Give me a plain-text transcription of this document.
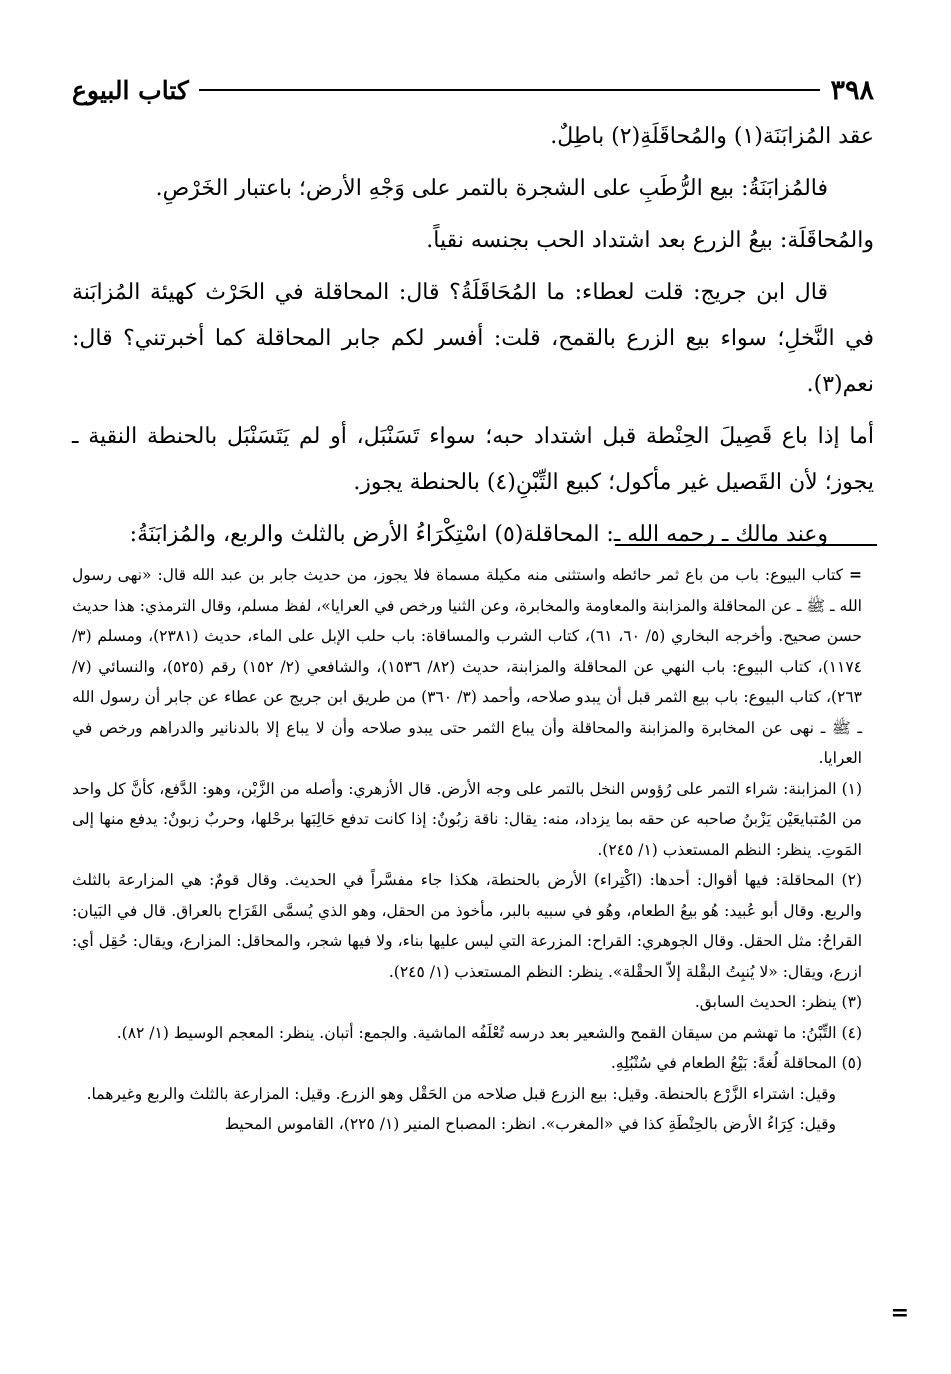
٣٩٨
كتاب البيوع

عقد المُزابَنَة(١) والمُحاقَلَةِ(٢) باطِلٌ.

فالمُزابَنَةُ: بيع الرُّطَبِ على الشجرة بالتمر على وَجْهِ الأرض؛ باعتبار الخَرْصِ.

والمُحاقَلَة: بيعُ الزرع بعد اشتداد الحب بجنسه نقياً.

قال ابن جريج: قلت لعطاء: ما المُحَاقَلَةُ؟ قال: المحاقلة في الحَرْث كهيئة المُزابَنة في النَّخلِ؛ سواء بيع الزرع بالقمح، قلت: أفسر لكم جابر المحاقلة كما أخبرتني؟ قال: نعم(٣).

أما إذا باع قَصِيلَ الحِنْطة قبل اشتداد حبه؛ سواء تَسَنْبَل، أو لم يَتَسَنْبَل بالحنطة النقية ـ يجوز؛ لأن القَصيل غير مأكول؛ كبيع التِّبْنِ(٤) بالحنطة يجوز.

وعند مالك ـ رحمه الله ـ: المحاقلة(٥) اسْتِكْرَاءُ الأرض بالثلث والربع، والمُزابَنَةُ:

= كتاب البيوع: باب من باع ثمر حائطه واستثنى منه مكيلة مسماة فلا يجوز، من حديث جابر بن عبد الله قال: «نهى رسول الله ـ ﷺ ـ عن المحاقلة والمزابنة والمعاومة والمخابرة، وعن الثنيا ورخص في العرايا»، لفظ مسلم، وقال الترمذي: هذا حديث حسن صحيح. وأخرجه البخاري (٥/ ٦٠، ٦١)، كتاب الشرب والمساقاة: باب حلب الإبل على الماء، حديث (٢٣٨١)، ومسلم (٣/ ١١٧٤)، كتاب البيوع: باب النهي عن المحاقلة والمزابنة، حديث (٨٢/ ١٥٣٦)، والشافعي (٢/ ١٥٢) رقم (٥٢٥)، والنسائي (٧/ ٢٦٣)، كتاب البيوع: باب بيع الثمر قبل أن يبدو صلاحه، وأحمد (٣/ ٣٦٠) من طريق ابن جريج عن عطاء عن جابر أن رسول الله ـ ﷺ ـ نهى عن المخابرة والمزابنة والمحاقلة وأن يباع الثمر حتى يبدو صلاحه وأن لا يباع إلا بالدنانير والدراهم ورخص في العرايا.

(١) المزابنة: شراء التمر على رُؤوس النخل بالتمر على وجه الأرض. قال الأزهري: وأصله من الزَّبْن، وهو: الدَّفع، كأنَّ كل واحد من المُتبايعَيْن يَزْبنُ صاحبه عن حقه بما يزداد، منه: يقال: ناقة زبُونٌ: إذا كانت تدفع حَالِبَها برحْلها، وحربٌ زبونٌ: يدفع منها إلى المَوتِ. ينظر: النظم المستعذب (١/ ٢٤٥).

(٢) المحاقلة: فيها أقوال: أحدها: (اكْتِراء) الأرض بالحنطة، هكذا جاء مفسَّراً في الحديث. وقال قومٌ: هي المزارعة بالثلث والربع. وقال أبو عُبيد: هُو بيعُ الطعام، وهُو في سبيه بالبر، مأخوذ من الحقل، وهو الذي يُسمَّى القَرَاح بالعراق. قال في البَيان: القراحُ: مثل الحقل. وقال الجوهري: القراح: المزرعة التي ليس عليها بناء، ولا فيها شجر، والمحاقل: المزارع، ويقال: حُقِل أي: ازرع، ويقال: «لا يُنبِتُ البقْلة إلاّ الحقْلة». ينظر: النظم المستعذب (١/ ٢٤٥).

(٣) ينظر: الحديث السابق.

(٤) التِّبْنُ: ما تهشم من سيقان القمح والشعير بعد درسه تُعْلَفُه الماشية. والجمع: أتبان. ينظر: المعجم الوسيط (١/ ٨٢).

(٥) المحاقلة لُغةً: بَيْعُ الطعام في سُنْبُلِهِ.

وقيل: اشتراء الزَّرْع بالحنطة. وقيل: بيع الزرع قبل صلاحه من الحَقْل وهو الزرع. وقيل: المزارعة بالثلث والربع وغيرهما.

وقيل: كِرَاءُ الأرض بالحِنْطَةِ كذا في «المغرب». انظر: المصباح المنير (١/ ٢٢٥)، القاموس المحيط

=
